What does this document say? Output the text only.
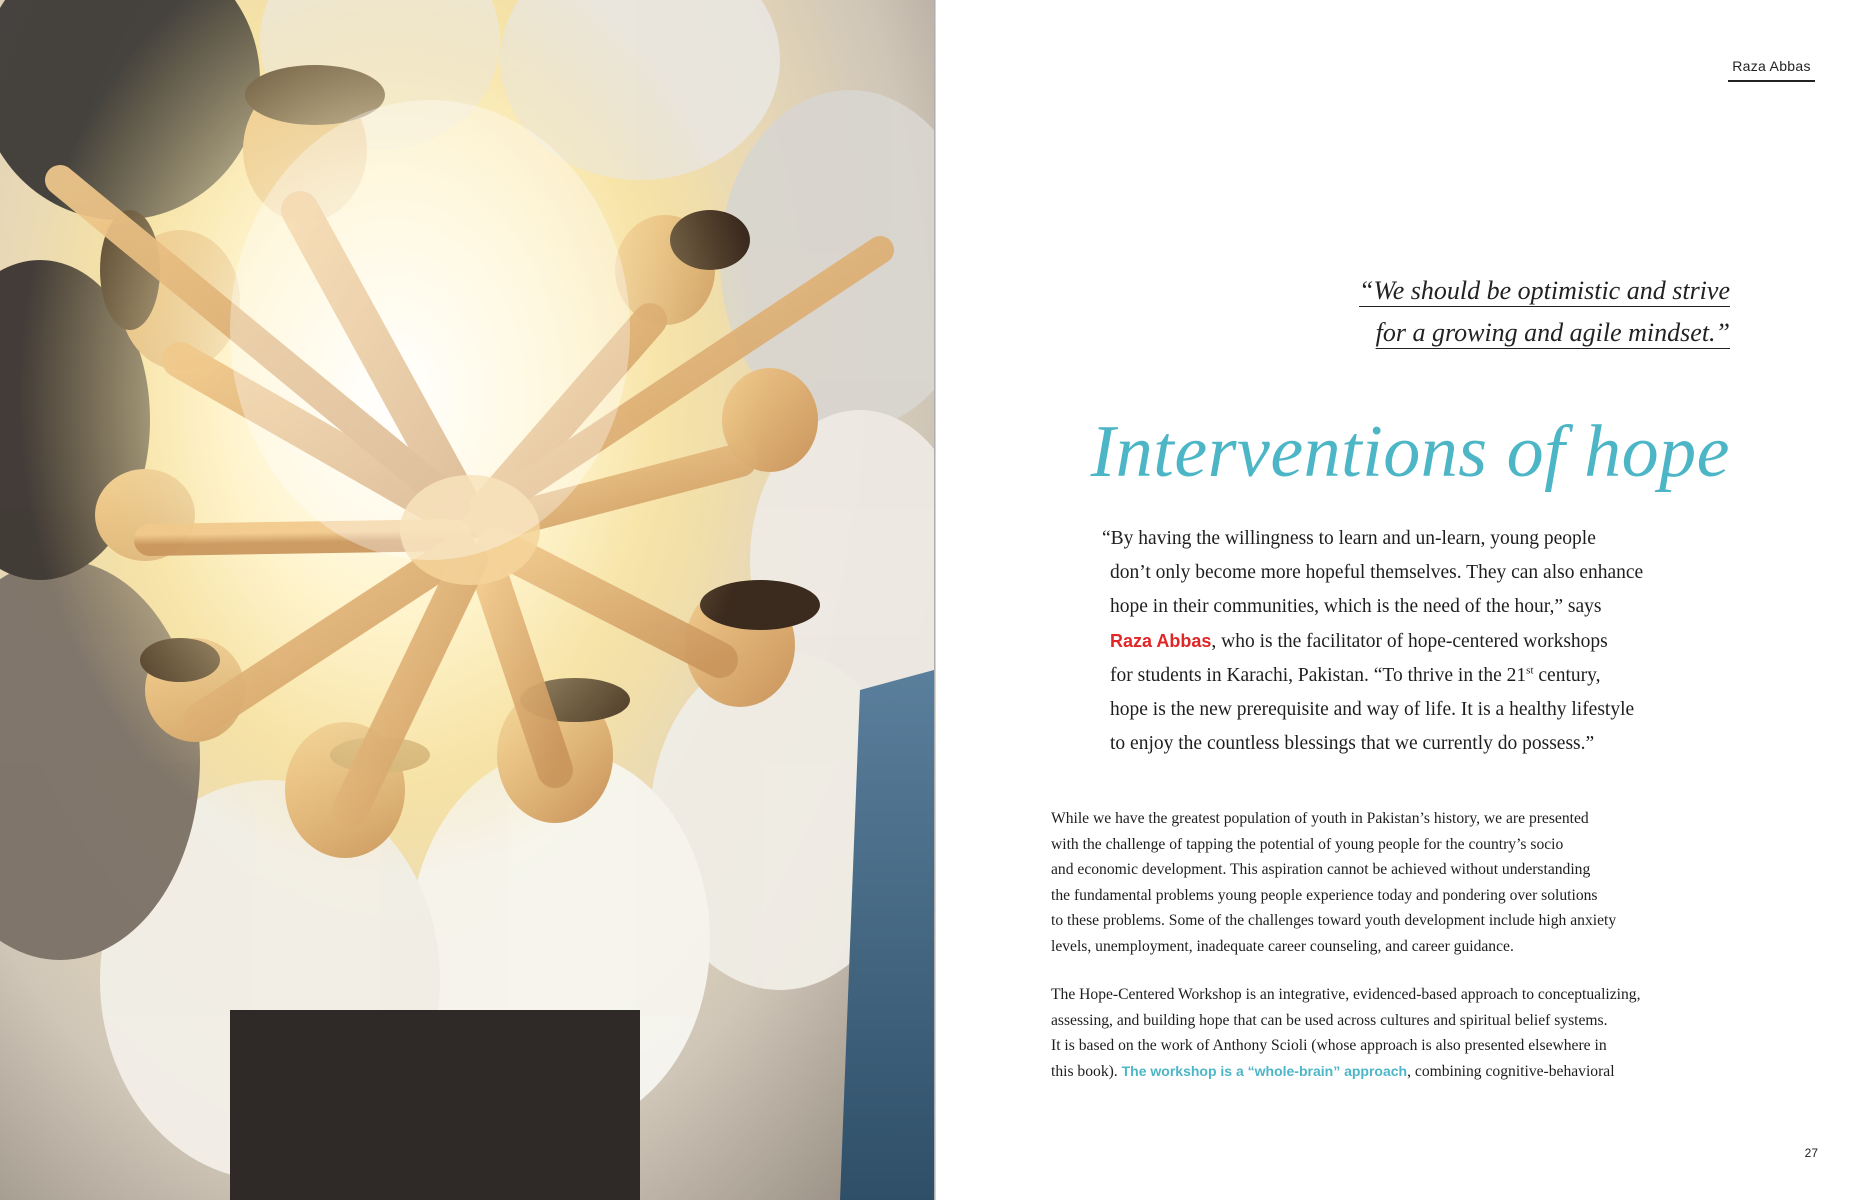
Raza Abbas
“We should be optimistic and strive
for a growing and agile mindset.”
Interventions of hope
“By having the willingness to learn and un-learn, young people
don’t only become more hopeful themselves. They can also enhance
hope in their communities, which is the need of the hour,” says
Raza Abbas, who is the facilitator of hope-centered workshops
for students in Karachi, Pakistan. “To thrive in the 21st century,
hope is the new prerequisite and way of life. It is a healthy lifestyle
to enjoy the countless blessings that we currently do possess.”
While we have the greatest population of youth in Pakistan’s history, we are presented
with the challenge of tapping the potential of young people for the country’s socio
and economic development. This aspiration cannot be achieved without understanding
the fundamental problems young people experience today and pondering over solutions
to these problems. Some of the challenges toward youth development include high anxiety
levels, unemployment, inadequate career counseling, and career guidance.
The Hope-Centered Workshop is an integrative, evidenced-based approach to conceptualizing,
assessing, and building hope that can be used across cultures and spiritual belief systems.
It is based on the work of Anthony Scioli (whose approach is also presented elsewhere in
this book). The workshop is a “whole-brain” approach, combining cognitive-behavioral
27
